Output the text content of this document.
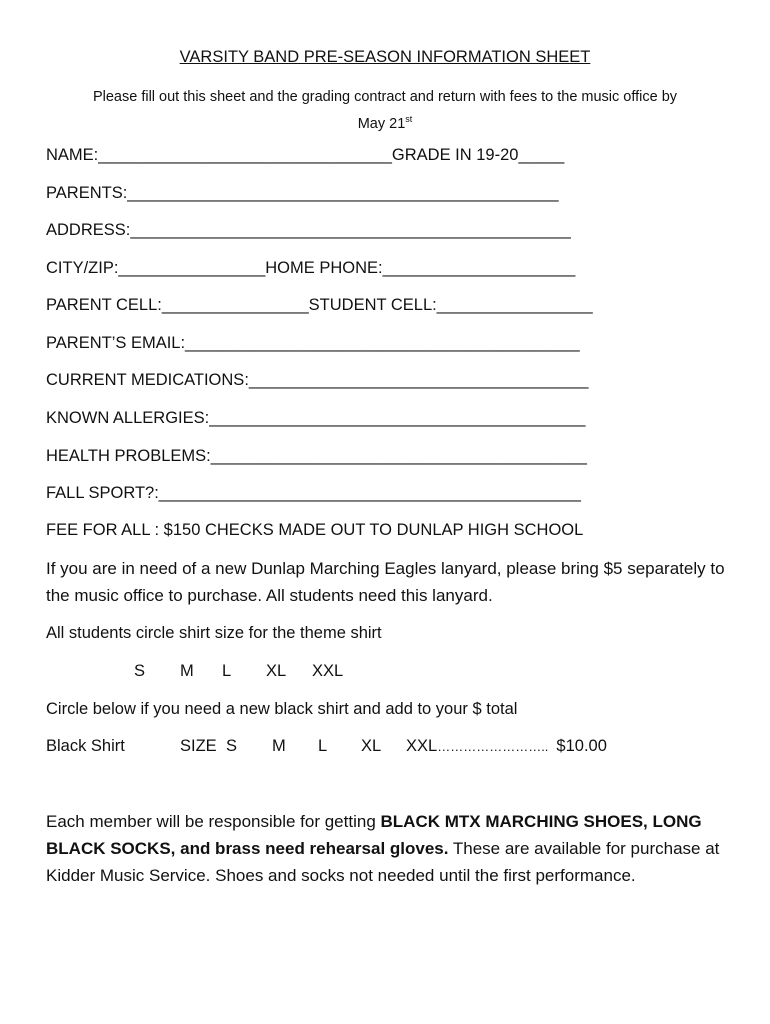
VARSITY BAND PRE-SEASON INFORMATION SHEET
Please fill out this sheet and the grading contract and return with fees to the music office by
May 21st
NAME:________________________________GRADE IN 19-20_____
PARENTS:_______________________________________________
ADDRESS:________________________________________________
CITY/ZIP:________________HOME PHONE:_____________________
PARENT CELL:________________STUDENT CELL:_________________
PARENT’S EMAIL:___________________________________________
CURRENT MEDICATIONS:_____________________________________
KNOWN ALLERGIES:_________________________________________
HEALTH PROBLEMS:_________________________________________
FALL SPORT?:______________________________________________
FEE FOR ALL : $150 CHECKS MADE OUT TO DUNLAP HIGH SCHOOL
If you are in need of a new Dunlap Marching Eagles lanyard, please bring $5 separately to the music office to purchase. All students need this lanyard.
All students circle shirt size for the theme shirt
S M L XL XXL
Circle below if you need a new black shirt and add to your $ total
Black Shirt	SIZE S M L XL XXL…………………….. $10.00
Each member will be responsible for getting BLACK MTX MARCHING SHOES, LONG BLACK SOCKS, and brass need rehearsal gloves. These are available for purchase at Kidder Music Service. Shoes and socks not needed until the first performance.
